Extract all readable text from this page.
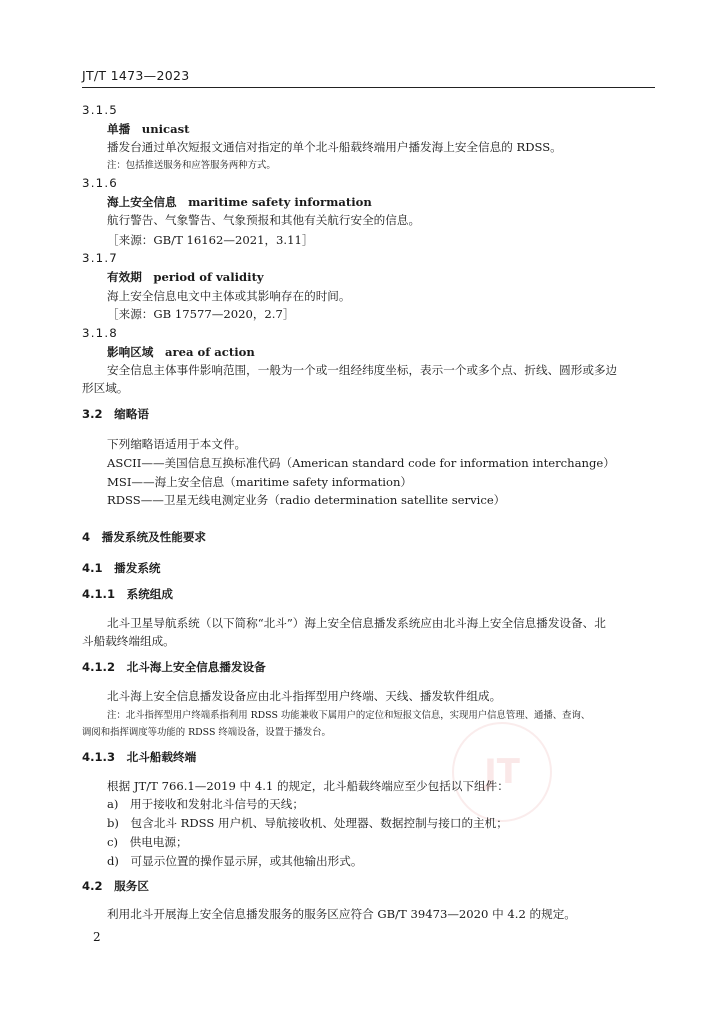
JT/T 1473—2023
JT
3.1.5
单播　unicast
播发台通过单次短报文通信对指定的单个北斗船载终端用户播发海上安全信息的 RDSS。
注：包括推送服务和应答服务两种方式。
3.1.6
海上安全信息　maritime safety information
航行警告、气象警告、气象预报和其他有关航行安全的信息。
［来源：GB/T 16162—2021，3.11］
3.1.7
有效期　period of validity
海上安全信息电文中主体或其影响存在的时间。
［来源：GB 17577—2020，2.7］
3.1.8
影响区域　area of action
安全信息主体事件影响范围，一般为一个或一组经纬度坐标，表示一个或多个点、折线、圆形或多边
形区域。
3.2　缩略语
下列缩略语适用于本文件。
ASCII——美国信息互换标准代码（American standard code for information interchange）
MSI——海上安全信息（maritime safety information）
RDSS——卫星无线电测定业务（radio determination satellite service）
4　播发系统及性能要求
4.1　播发系统
4.1.1　系统组成
北斗卫星导航系统（以下简称“北斗”）海上安全信息播发系统应由北斗海上安全信息播发设备、北
斗船载终端组成。
4.1.2　北斗海上安全信息播发设备
北斗海上安全信息播发设备应由北斗指挥型用户终端、天线、播发软件组成。
注：北斗指挥型用户终端系指利用 RDSS 功能兼收下属用户的定位和短报文信息，实现用户信息管理、通播、查询、
调阅和指挥调度等功能的 RDSS 终端设备，设置于播发台。
4.1.3　北斗船载终端
根据 JT/T 766.1—2019 中 4.1 的规定，北斗船载终端应至少包括以下组件：
a)　用于接收和发射北斗信号的天线；
b)　包含北斗 RDSS 用户机、导航接收机、处理器、数据控制与接口的主机；
c)　供电电源；
d)　可显示位置的操作显示屏，或其他输出形式。
4.2　服务区
利用北斗开展海上安全信息播发服务的服务区应符合 GB/T 39473—2020 中 4.2 的规定。
2
